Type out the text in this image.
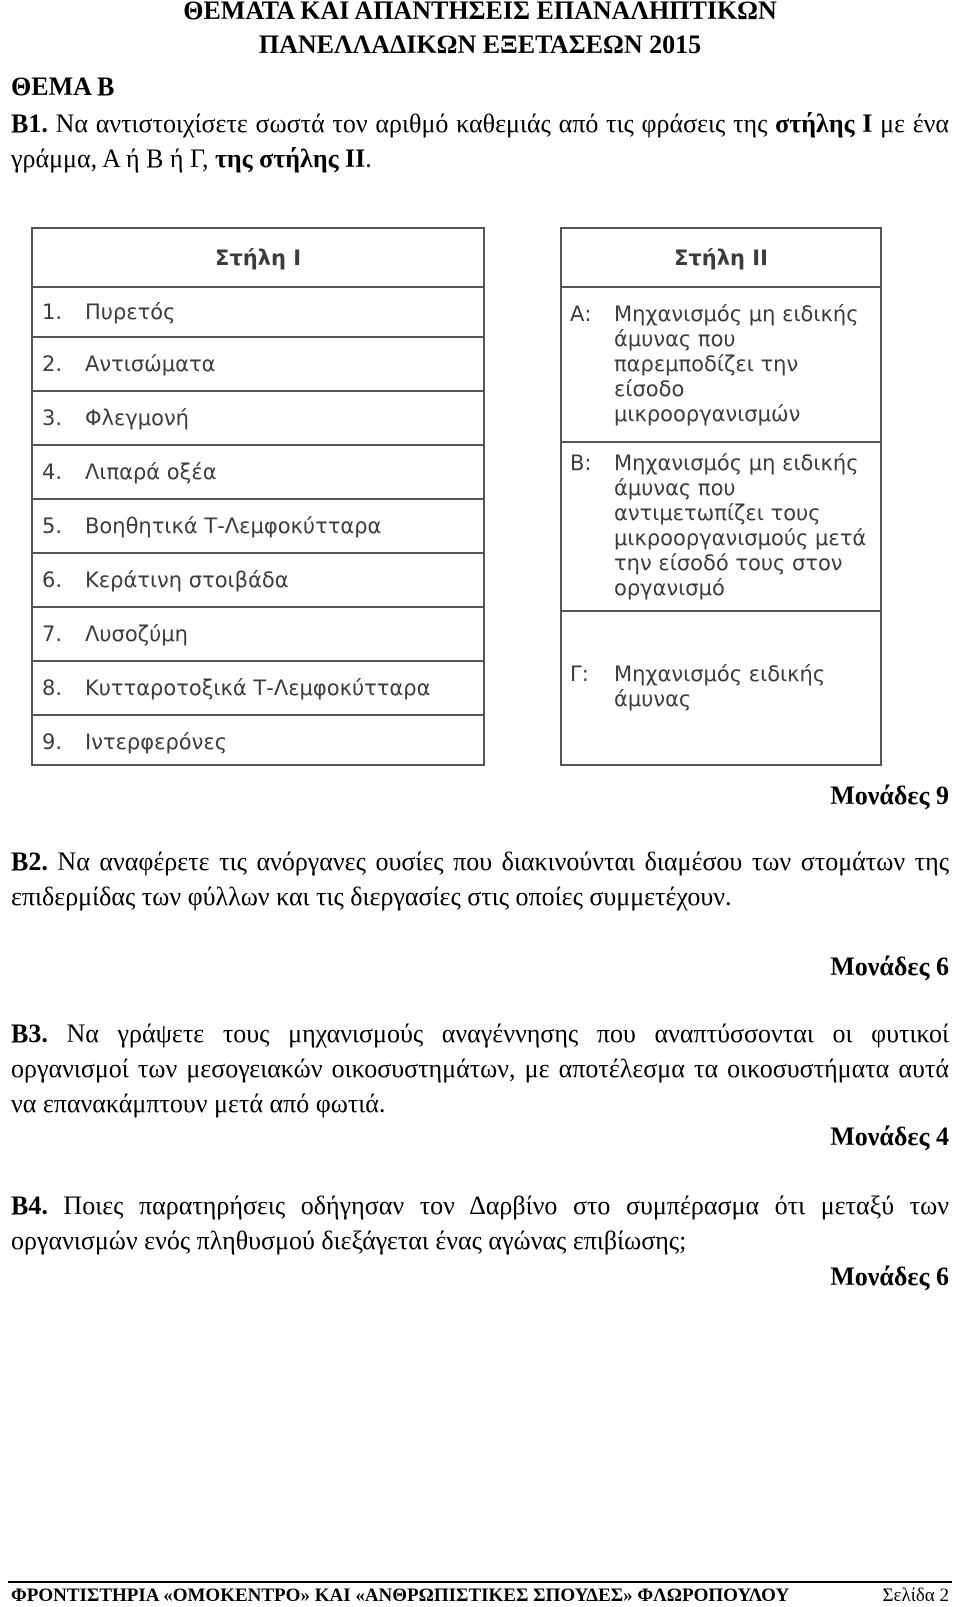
ΘΕΜΑΤΑ ΚΑΙ ΑΠΑΝΤΗΣΕΙΣ ΕΠΑΝΑΛΗΠΤΙΚΩΝ
ΠΑΝΕΛΛΑΔΙΚΩΝ ΕΞΕΤΑΣΕΩΝ 2015
ΘΕΜΑ Β
Β1. Να αντιστοιχίσετε σωστά τον αριθμό καθεμιάς από τις φράσεις της στήλης Ι με ένα γράμμα, Α ή Β ή Γ, της στήλης ΙΙ.
Στήλη Ι
1. Πυρετός
2. Αντισώματα
3. Φλεγμονή
4. Λιπαρά οξέα
5. Βοηθητικά Τ-Λεμφοκύτταρα
6. Κεράτινη στοιβάδα
7. Λυσοζύμη
8. Κυτταροτοξικά Τ-Λεμφοκύτταρα
9. Ιντερφερόνες
Στήλη ΙΙ
Α: Μηχανισμός μη ειδικής
άμυνας που
παρεμποδίζει την
είσοδο
μικροοργανισμών
Β: Μηχανισμός μη ειδικής
άμυνας που
αντιμετωπίζει τους
μικροοργανισμούς μετά
την είσοδό τους στον
οργανισμό
Γ: Μηχανισμός ειδικής
άμυνας
Μονάδες 9
Β2. Να αναφέρετε τις ανόργανες ουσίες που διακινούνται διαμέσου των στομάτων της επιδερμίδας των φύλλων και τις διεργασίες στις οποίες συμμετέχουν.
Μονάδες 6
Β3. Να γράψετε τους μηχανισμούς αναγέννησης που αναπτύσσονται οι φυτικοί οργανισμοί των μεσογειακών οικοσυστημάτων, με αποτέλεσμα τα οικοσυστήματα αυτά να επανακάμπτουν μετά από φωτιά.
Μονάδες 4
Β4. Ποιες παρατηρήσεις οδήγησαν τον Δαρβίνο στο συμπέρασμα ότι μεταξύ των οργανισμών ενός πληθυσμού διεξάγεται ένας αγώνας επιβίωσης;
Μονάδες 6
ΦΡΟΝΤΙΣΤΗΡΙΑ «ΟΜΟΚΕΝΤΡΟ» ΚΑΙ «ΑΝΘΡΩΠΙΣΤΙΚΕΣ ΣΠΟΥΔΕΣ» ΦΛΩΡΟΠΟΥΛΟΥ	Σελίδα 2
